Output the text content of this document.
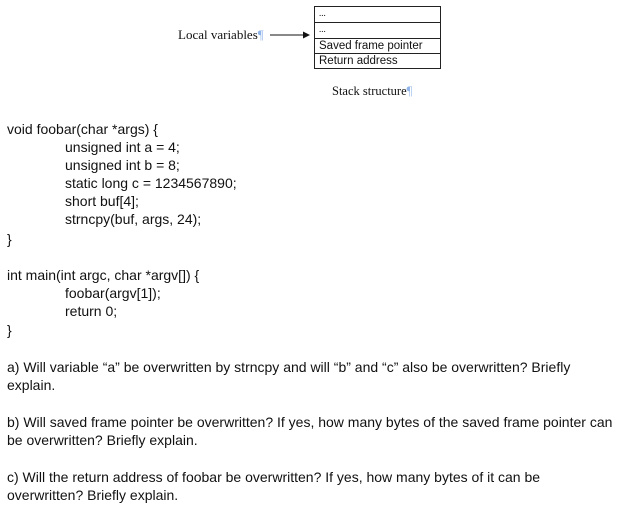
Local variables¶
...
...
Saved frame pointer
Return address
Stack structure¶
void foobar(char *args) {
unsigned int a = 4;
unsigned int b = 8;
static long c = 1234567890;
short buf[4];
strncpy(buf, args, 24);
}
int main(int argc, char *argv[]) {
foobar(argv[1]);
return 0;
}
a) Will variable “a” be overwritten by strncpy and will “b” and “c” also be overwritten? Briefly explain.
b) Will saved frame pointer be overwritten? If yes, how many bytes of the saved frame pointer can be overwritten? Briefly explain.
c) Will the return address of foobar be overwritten? If yes, how many bytes of it can be overwritten? Briefly explain.
